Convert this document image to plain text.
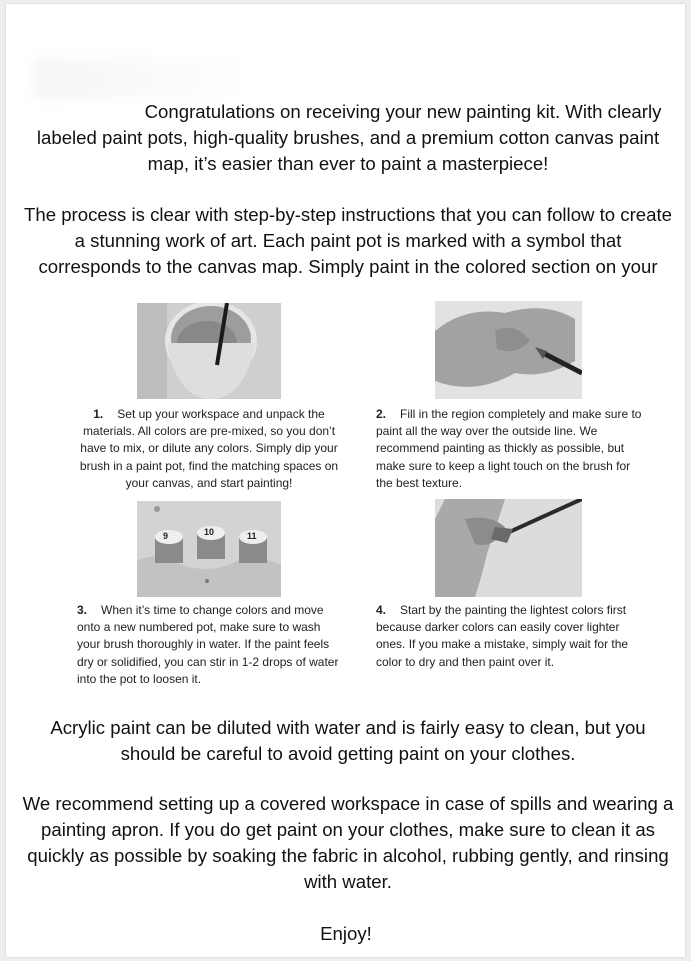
Congratulations on receiving your new painting kit. With clearly labeled paint pots, high-quality brushes, and a premium cotton canvas paint map, it’s easier than ever to paint a masterpiece!
The process is clear with step-by-step instructions that you can follow to create a stunning work of art. Each paint pot is marked with a symbol that corresponds to the canvas map. Simply paint in the colored section on your
9	10	11
1. Set up your workspace and unpack the materials. All colors are pre-mixed, so you don’t have to mix, or dilute any colors. Simply dip your brush in a paint pot, find the matching spaces on your canvas, and start painting!
2. Fill in the region completely and make sure to paint all the way over the outside line. We recommend painting as thickly as possible, but make sure to keep a light touch on the brush for the best texture.
3. When it’s time to change colors and move onto a new numbered pot, make sure to wash your brush thoroughly in water. If the paint feels dry or solidified, you can stir in 1-2 drops of water into the pot to loosen it.
4. Start by the painting the lightest colors first because darker colors can easily cover lighter ones. If you make a mistake, simply wait for the color to dry and then paint over it.
Acrylic paint can be diluted with water and is fairly easy to clean, but you should be careful to avoid getting paint on your clothes.
We recommend setting up a covered workspace in case of spills and wearing a painting apron. If you do get paint on your clothes, make sure to clean it as quickly as possible by soaking the fabric in alcohol, rubbing gently, and rinsing with water.
Enjoy!
